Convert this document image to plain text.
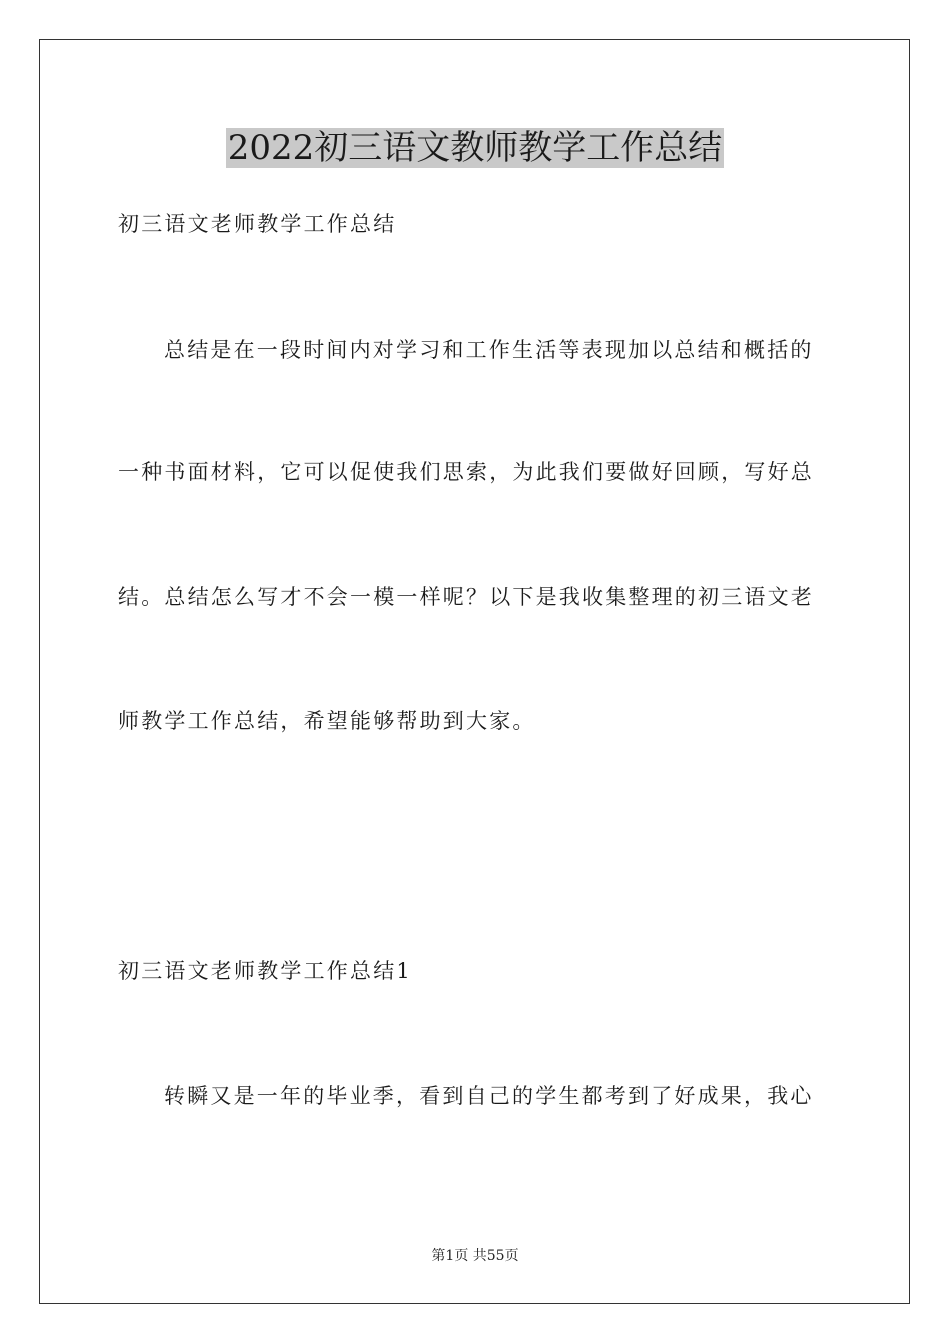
2022初三语文教师教学工作总结

初三语文老师教学工作总结

总结是在一段时间内对学习和工作生活等表现加以总结和概括的

一种书面材料，它可以促使我们思索，为此我们要做好回顾，写好总

结。总结怎么写才不会一模一样呢？以下是我收集整理的初三语文老

师教学工作总结，希望能够帮助到大家。

初三语文老师教学工作总结1

转瞬又是一年的毕业季，看到自己的学生都考到了好成果，我心

第1页 共55页
